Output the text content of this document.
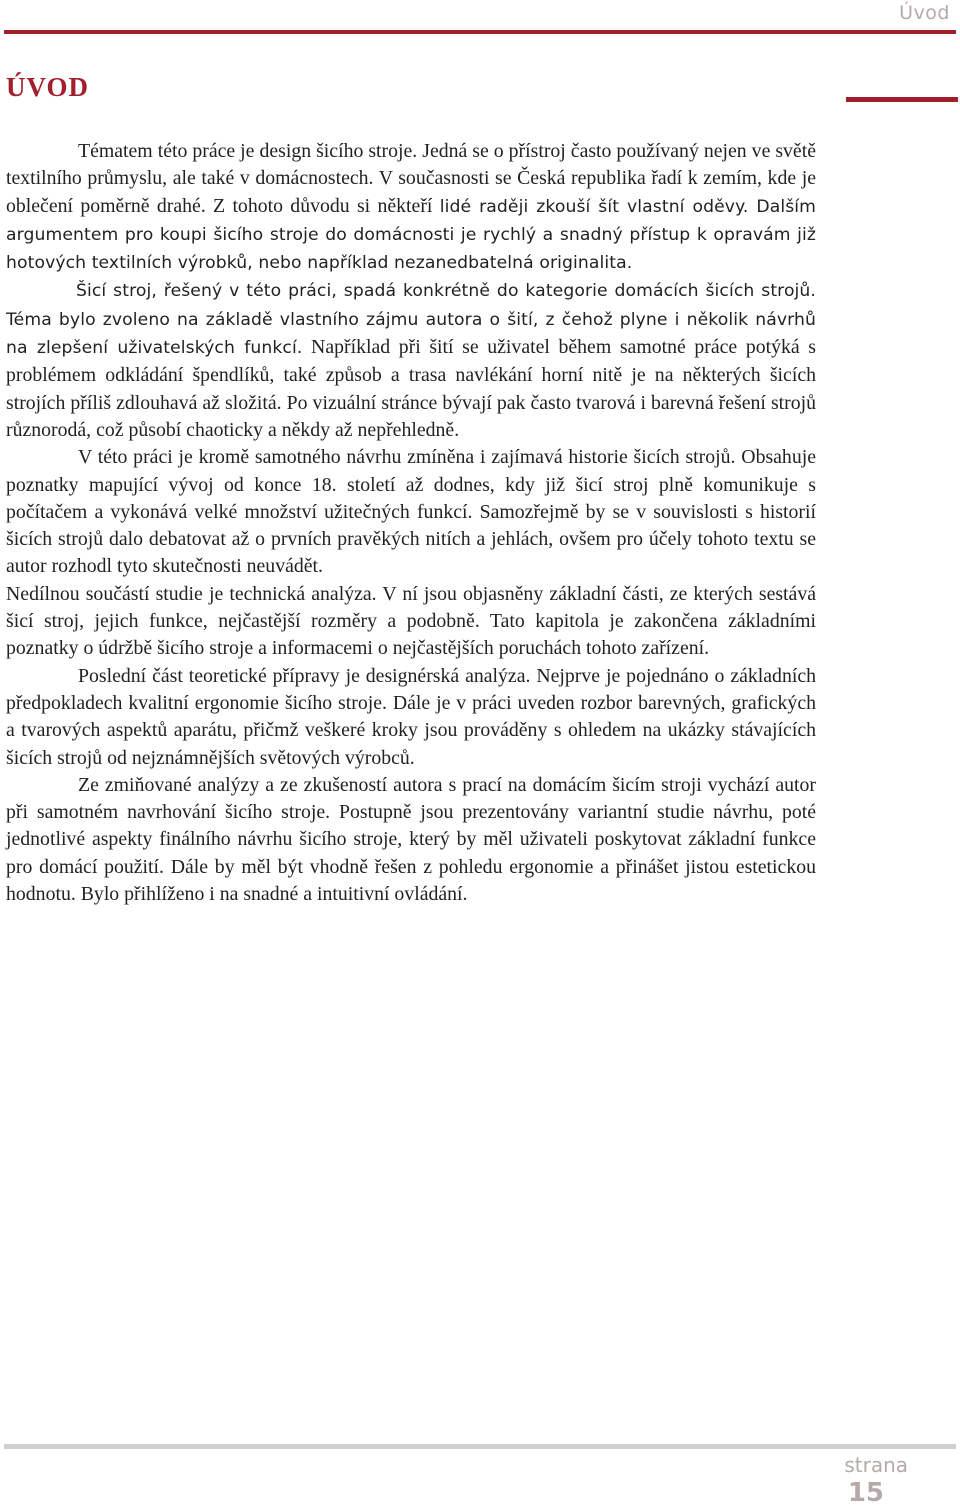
Úvod
ÚVOD

Tématem této práce je design šicího stroje. Jedná se o přístroj často používaný nejen ve světě textilního průmyslu, ale také v domácnostech. V současnosti se Česká republika řadí k zemím, kde je oblečení poměrně drahé. Z tohoto důvodu si někteří lidé raději zkouší šít vlastní oděvy. Dalším argumentem pro koupi šicího stroje do domácnosti je rychlý a snadný přístup k opravám již hotových textilních výrobků, nebo například nezanedbatelná originalita.

Šicí stroj, řešený v této práci, spadá konkrétně do kategorie domácích šicích strojů. Téma bylo zvoleno na základě vlastního zájmu autora o šití, z čehož plyne i několik návrhů na zlepšení uživatelských funkcí. Například při šití se uživatel během samotné práce potýká s problémem odkládání špendlíků, také způsob a trasa navlékání horní nitě je na některých šicích strojích příliš zdlouhavá až složitá. Po vizuální stránce bývají pak často tvarová i barevná řešení strojů různorodá, což působí chaoticky a někdy až nepřehledně.

V této práci je kromě samotného návrhu zmíněna i zajímavá historie šicích strojů. Obsahuje poznatky mapující vývoj od konce 18. století až dodnes, kdy již šicí stroj plně komunikuje s počítačem a vykonává velké množství užitečných funkcí. Samozřejmě by se v souvislosti s historií šicích strojů dalo debatovat až o prvních pravěkých nitích a jehlách, ovšem pro účely tohoto textu se autor rozhodl tyto skutečnosti neuvádět.

Nedílnou součástí studie je technická analýza. V ní jsou objasněny základní části, ze kterých sestává šicí stroj, jejich funkce, nejčastější rozměry a podobně. Tato kapitola je zakončena základními poznatky o údržbě šicího stroje a informacemi o nejčastějších poruchách tohoto zařízení.

Poslední část teoretické přípravy je designérská analýza. Nejprve je pojednáno o základních předpokladech kvalitní ergonomie šicího stroje. Dále je v práci uveden rozbor barevných, grafických a tvarových aspektů aparátu, přičmž veškeré kroky jsou prováděny s ohledem na ukázky stávajících šicích strojů od nejznámnějších světových výrobců.

Ze zmiňované analýzy a ze zkušeností autora s prací na domácím šicím stroji vychází autor při samotném navrhování šicího stroje. Postupně jsou prezentovány variantní studie návrhu, poté jednotlivé aspekty finálního návrhu šicího stroje, který by měl uživateli poskytovat základní funkce pro domácí použití. Dále by měl být vhodně řešen z pohledu ergonomie a přinášet jistou estetickou hodnotu. Bylo přihlíženo i na snadné a intuitivní ovládání.

strana
15
